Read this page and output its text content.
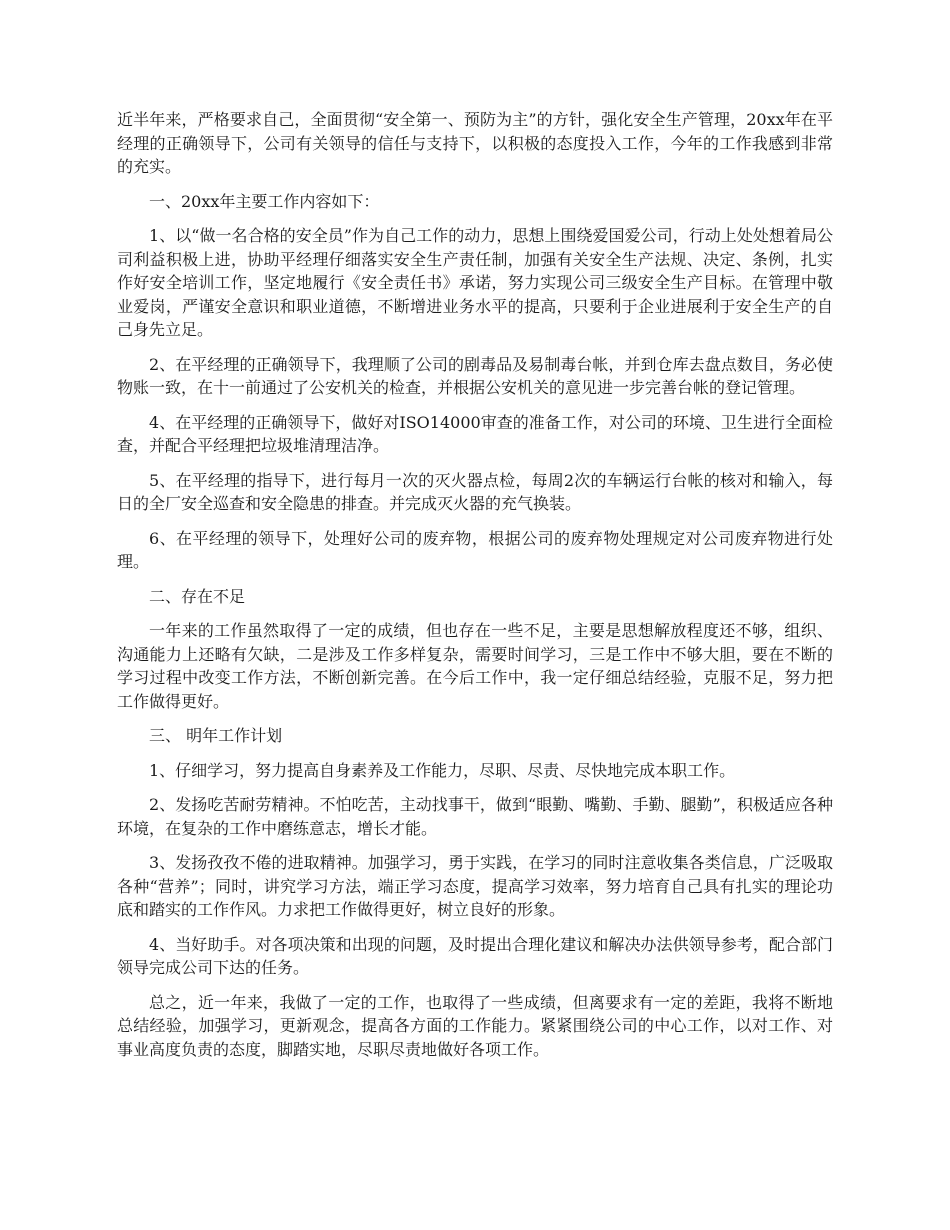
近半年来，严格要求自己，全面贯彻“安全第一、预防为主”的方针，强化安全生产管理，20xx年在平经理的正确领导下，公司有关领导的信任与支持下，以积极的态度投入工作，今年的工作我感到非常的充实。

一、20xx年主要工作内容如下：

1、以“做一名合格的安全员”作为自己工作的动力，思想上围绕爱国爱公司，行动上处处想着局公司利益积极上进，协助平经理仔细落实安全生产责任制，加强有关安全生产法规、决定、条例，扎实作好安全培训工作，坚定地履行《安全责任书》承诺，努力实现公司三级安全生产目标。在管理中敬业爱岗，严谨安全意识和职业道德，不断增进业务水平的提高，只要利于企业进展利于安全生产的自己身先立足。

2、在平经理的正确领导下，我理顺了公司的剧毒品及易制毒台帐，并到仓库去盘点数目，务必使物账一致，在十一前通过了公安机关的检查，并根据公安机关的意见进一步完善台帐的登记管理。

4、在平经理的正确领导下，做好对ISO14000审查的准备工作，对公司的环境、卫生进行全面检查，并配合平经理把垃圾堆清理洁净。

5、在平经理的指导下，进行每月一次的灭火器点检，每周2次的车辆运行台帐的核对和输入，每日的全厂安全巡查和安全隐患的排查。并完成灭火器的充气换装。

6、在平经理的领导下，处理好公司的废弃物，根据公司的废弃物处理规定对公司废弃物进行处理。

二、存在不足

一年来的工作虽然取得了一定的成绩，但也存在一些不足，主要是思想解放程度还不够，组织、沟通能力上还略有欠缺，二是涉及工作多样复杂，需要时间学习，三是工作中不够大胆，要在不断的学习过程中改变工作方法，不断创新完善。在今后工作中，我一定仔细总结经验，克服不足，努力把工作做得更好。

三、 明年工作计划

1、仔细学习，努力提高自身素养及工作能力，尽职、尽责、尽快地完成本职工作。

2、发扬吃苦耐劳精神。不怕吃苦，主动找事干，做到“眼勤、嘴勤、手勤、腿勤”，积极适应各种环境，在复杂的工作中磨练意志，增长才能。

3、发扬孜孜不倦的进取精神。加强学习，勇于实践，在学习的同时注意收集各类信息，广泛吸取各种“营养”；同时，讲究学习方法，端正学习态度，提高学习效率，努力培育自己具有扎实的理论功底和踏实的工作作风。力求把工作做得更好，树立良好的形象。

4、当好助手。对各项决策和出现的问题，及时提出合理化建议和解决办法供领导参考，配合部门领导完成公司下达的任务。

总之，近一年来，我做了一定的工作，也取得了一些成绩，但离要求有一定的差距，我将不断地总结经验，加强学习，更新观念，提高各方面的工作能力。紧紧围绕公司的中心工作，以对工作、对事业高度负责的态度，脚踏实地，尽职尽责地做好各项工作。
